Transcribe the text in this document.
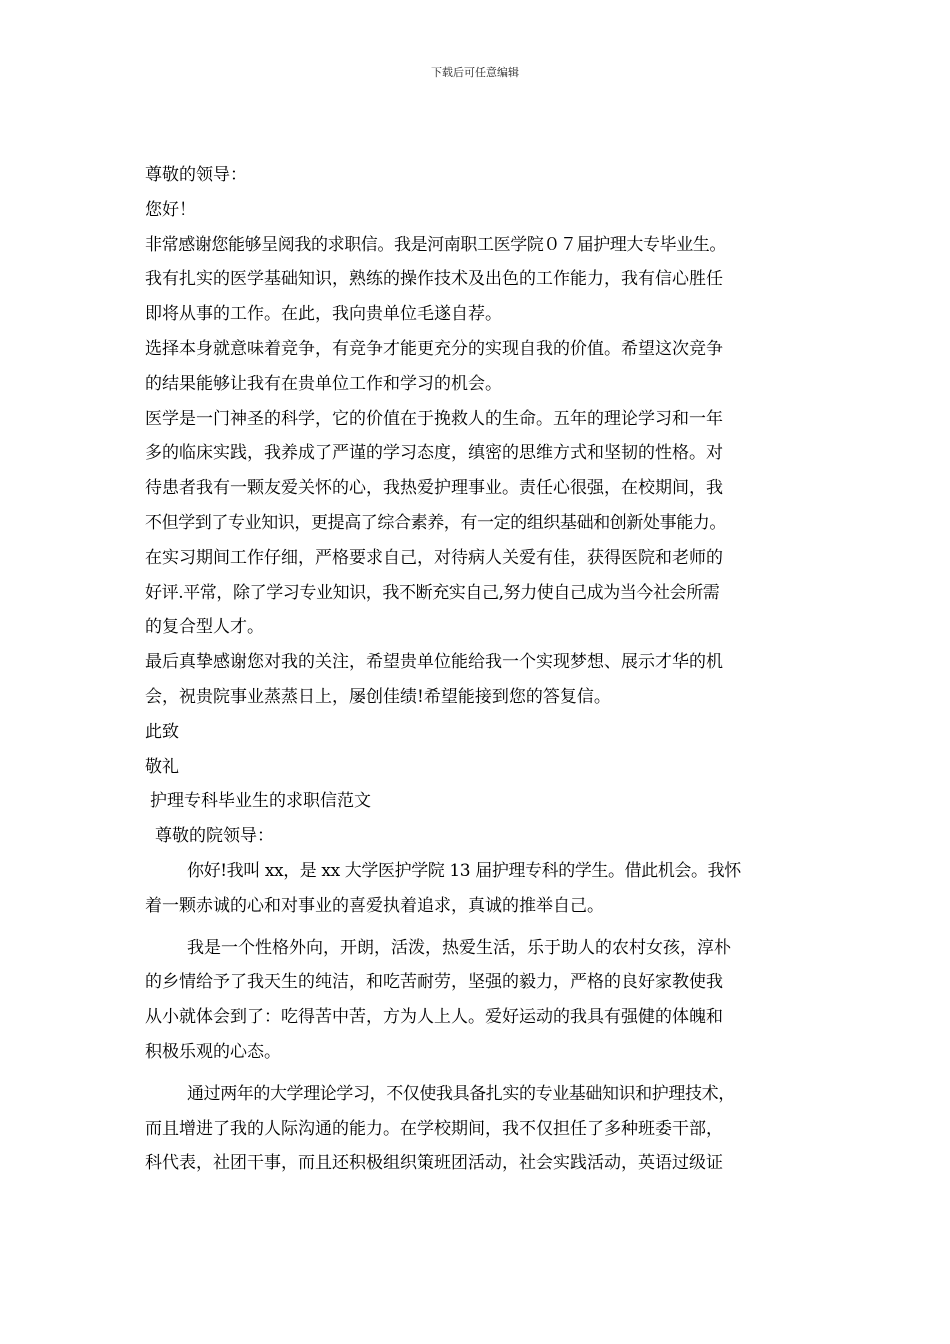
下载后可任意编辑
尊敬的领导：
您好！
非常感谢您能够呈阅我的求职信。我是河南职工医学院０７届护理大专毕业生。
我有扎实的医学基础知识，熟练的操作技术及出色的工作能力，我有信心胜任
即将从事的工作。在此，我向贵单位毛遂自荐。
选择本身就意味着竞争，有竞争才能更充分的实现自我的价值。希望这次竞争
的结果能够让我有在贵单位工作和学习的机会。
医学是一门神圣的科学，它的价值在于挽救人的生命。五年的理论学习和一年
多的临床实践，我养成了严谨的学习态度，缜密的思维方式和坚韧的性格。对
待患者我有一颗友爱关怀的心，我热爱护理事业。责任心很强，在校期间，我
不但学到了专业知识，更提高了综合素养，有一定的组织基础和创新处事能力。
在实习期间工作仔细，严格要求自己，对待病人关爱有佳，获得医院和老师的
好评.平常，除了学习专业知识，我不断充实自己,努力使自己成为当今社会所需
的复合型人才。
最后真挚感谢您对我的关注，希望贵单位能给我一个实现梦想、展示才华的机
会，祝贵院事业蒸蒸日上，屡创佳绩!希望能接到您的答复信。
此致
敬礼
护理专科毕业生的求职信范文
尊敬的院领导：
你好!我叫 xx，是 xx 大学医护学院 13 届护理专科的学生。借此机会。我怀
着一颗赤诚的心和对事业的喜爱执着追求，真诚的推举自己。
我是一个性格外向，开朗，活泼，热爱生活，乐于助人的农村女孩，淳朴
的乡情给予了我天生的纯洁，和吃苦耐劳，坚强的毅力，严格的良好家教使我
从小就体会到了：吃得苦中苦，方为人上人。爱好运动的我具有强健的体魄和
积极乐观的心态。
通过两年的大学理论学习，不仅使我具备扎实的专业基础知识和护理技术，
而且增进了我的人际沟通的能力。在学校期间，我不仅担任了多种班委干部，
科代表，社团干事，而且还积极组织策班团活动，社会实践活动，英语过级证
